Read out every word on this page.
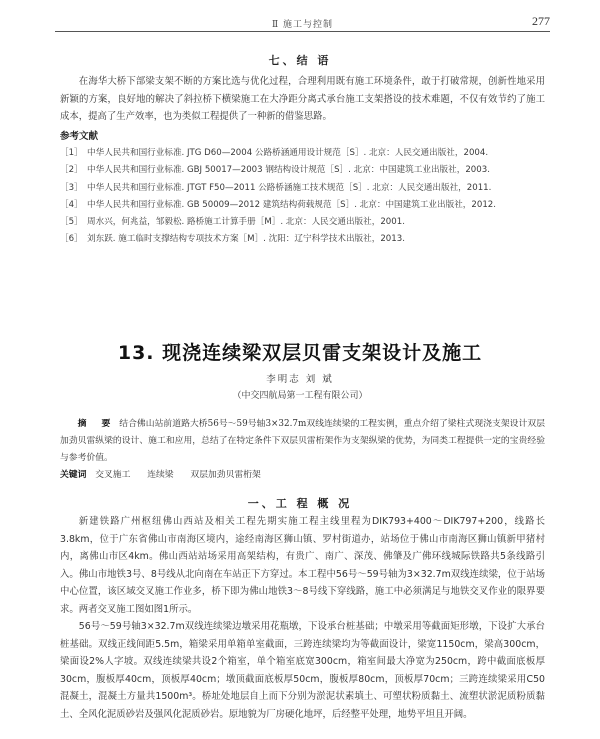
Ⅱ 施工与控制	277
七、结 语

在海华大桥下部梁支架不断的方案比选与优化过程，合理利用既有施工环境条件，敢于打破常规，创新性地采用新颖的方案，良好地的解决了斜拉桥下横梁施工在大净距分离式承台施工支架搭设的技术难题，不仅有效节约了施工成本，提高了生产效率，也为类似工程提供了一种新的借鉴思路。

参考文献
［1］ 中华人民共和国行业标准. JTG D60—2004 公路桥涵通用设计规范［S］. 北京：人民交通出版社，2004.
［2］ 中华人民共和国行业标准. GBJ 50017—2003 钢结构设计规范［S］. 北京：中国建筑工业出版社，2003.
［3］ 中华人民共和国行业标准. JTGT F50—2011 公路桥涵施工技术规范［S］. 北京：人民交通出版社，2011.
［4］ 中华人民共和国行业标准. GB 50009—2012 建筑结构荷载规范［S］. 北京：中国建筑工业出版社，2012.
［5］ 周水兴，何兆益，邹毅松. 路桥施工计算手册［M］. 北京：人民交通出版社，2001.
［6］ 刘东跃. 施工临时支撑结构专项技术方案［M］. 沈阳：辽宁科学技术出版社，2013.
13. 现浇连续梁双层贝雷支架设计及施工
李明志 刘 斌
（中交四航局第一工程有限公司）

摘 要 结合佛山站前道路大桥56号～59号轴3×32.7m双线连续梁的工程实例，重点介绍了梁柱式现浇支架设计双层加劲贝雷纵梁的设计、施工和应用，总结了在特定条件下双层贝雷桁架作为支架纵梁的优势，为同类工程提供一定的宝贵经验与参考价值。

关键词 交叉施工 连续梁 双层加劲贝雷桁架
一、工 程 概 况

新建铁路广州枢纽佛山西站及相关工程先期实施工程主线里程为DIK793+400～DIK797+200，线路长3.8km，位于广东省佛山市南海区境内，途经南海区狮山镇、罗村街道办，站场位于佛山市南海区狮山镇新甲猪村内，离佛山市区4km。佛山西站站场采用高架结构，有贵广、南广、深茂、佛肇及广佛环线城际铁路共5条线路引入。佛山市地铁3号、8号线从北向南在车站正下方穿过。本工程中56号～59号轴为3×32.7m双线连续梁，位于站场中心位置，该区域交叉施工作业多，桥下即为佛山地铁3～8号线下穿线路，施工中必须满足与地铁交叉作业的限界要求。两者交叉施工图如图1所示。

56号～59号轴3×32.7m双线连续梁边墩采用花瓶墩，下设承台桩基础；中墩采用等截面矩形墩，下设扩大承台桩基础。双线正线间距5.5m，箱梁采用单箱单室截面，三跨连续梁均为等截面设计，梁宽1150cm，梁高300cm，梁面设2%人字坡。双线连续梁共设2个箱室，单个箱室底宽300cm，箱室间最大净宽为250cm，跨中截面底板厚30cm，腹板厚40cm，顶板厚40cm；墩顶截面底板厚50cm，腹板厚80cm，顶板厚70cm；三跨连续梁采用C50混凝土，混凝土方量共1500m³。桥址处地层自上而下分别为淤泥状素填土、可塑状粉质黏土、流塑状淤泥质粉质黏土、全风化泥质砂岩及强风化泥质砂岩。原地貌为厂房硬化地坪，后经整平处理，地势平坦且开阔。
